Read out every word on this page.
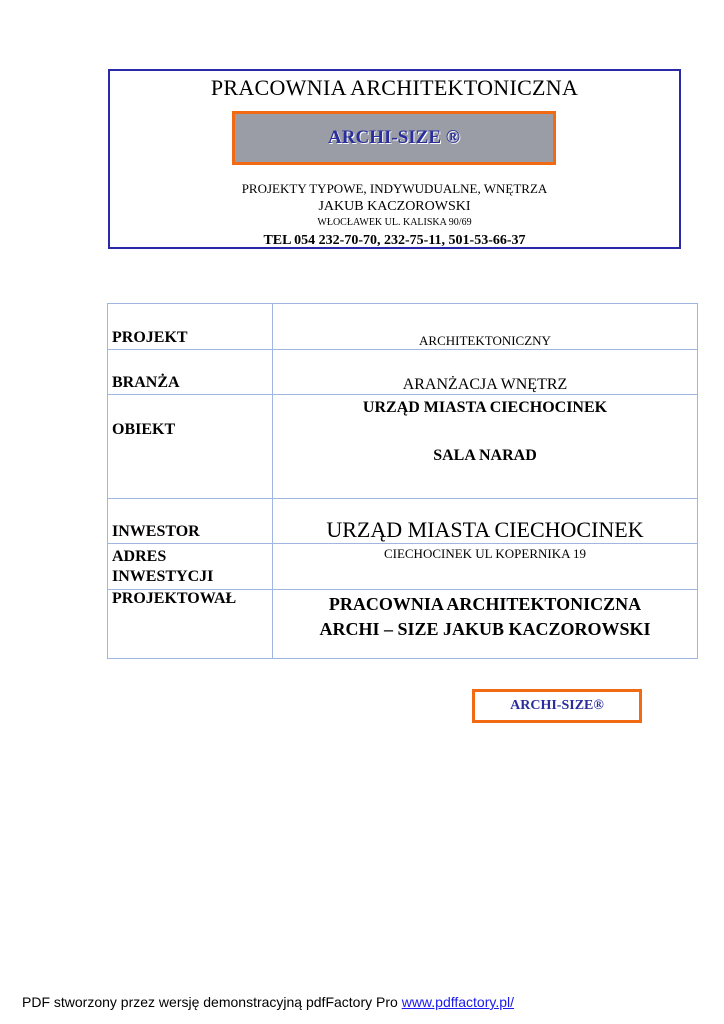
PRACOWNIA ARCHITEKTONICZNA
ARCHI-SIZE ®
PROJEKTY TYPOWE, INDYWUDUALNE, WNĘTRZA
JAKUB KACZOROWSKI
WŁOCŁAWEK UL. KALISKA 90/69
TEL 054 232-70-70, 232-75-11, 501-53-66-37
PROJEKT	ARCHITEKTONICZNY
BRANŻA	ARANŻACJA WNĘTRZ
OBIEKT	URZĄD MIASTA CIECHOCINEK
SALA NARAD

INWESTOR	URZĄD MIASTA CIECHOCINEK

ADRES
INWESTYCJI	CIECHOCINEK UL KOPERNIKA 19
PROJEKTOWAŁ	PRACOWNIA ARCHITEKTONICZNA
ARCHI – SIZE JAKUB KACZOROWSKI
ARCHI-SIZE®
PDF stworzony przez wersję demonstracyjną pdfFactory Pro www.pdffactory.pl/
